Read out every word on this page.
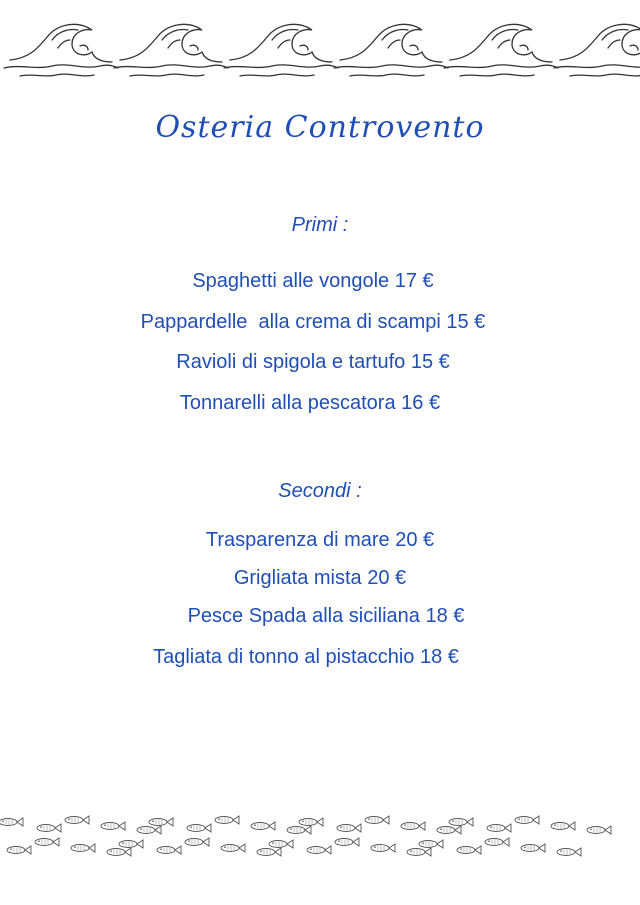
Osteria Controvento
Primi :
Spaghetti alle vongole 17 €
Pappardelle  alla crema di scampi 15 €
Ravioli di spigola e tartufo 15 €
Tonnarelli alla pescatora 16 €
Secondi :
Trasparenza di mare 20 €
Grigliata mista 20 €
Pesce Spada alla siciliana 18 €
Tagliata di tonno al pistacchio 18 €
